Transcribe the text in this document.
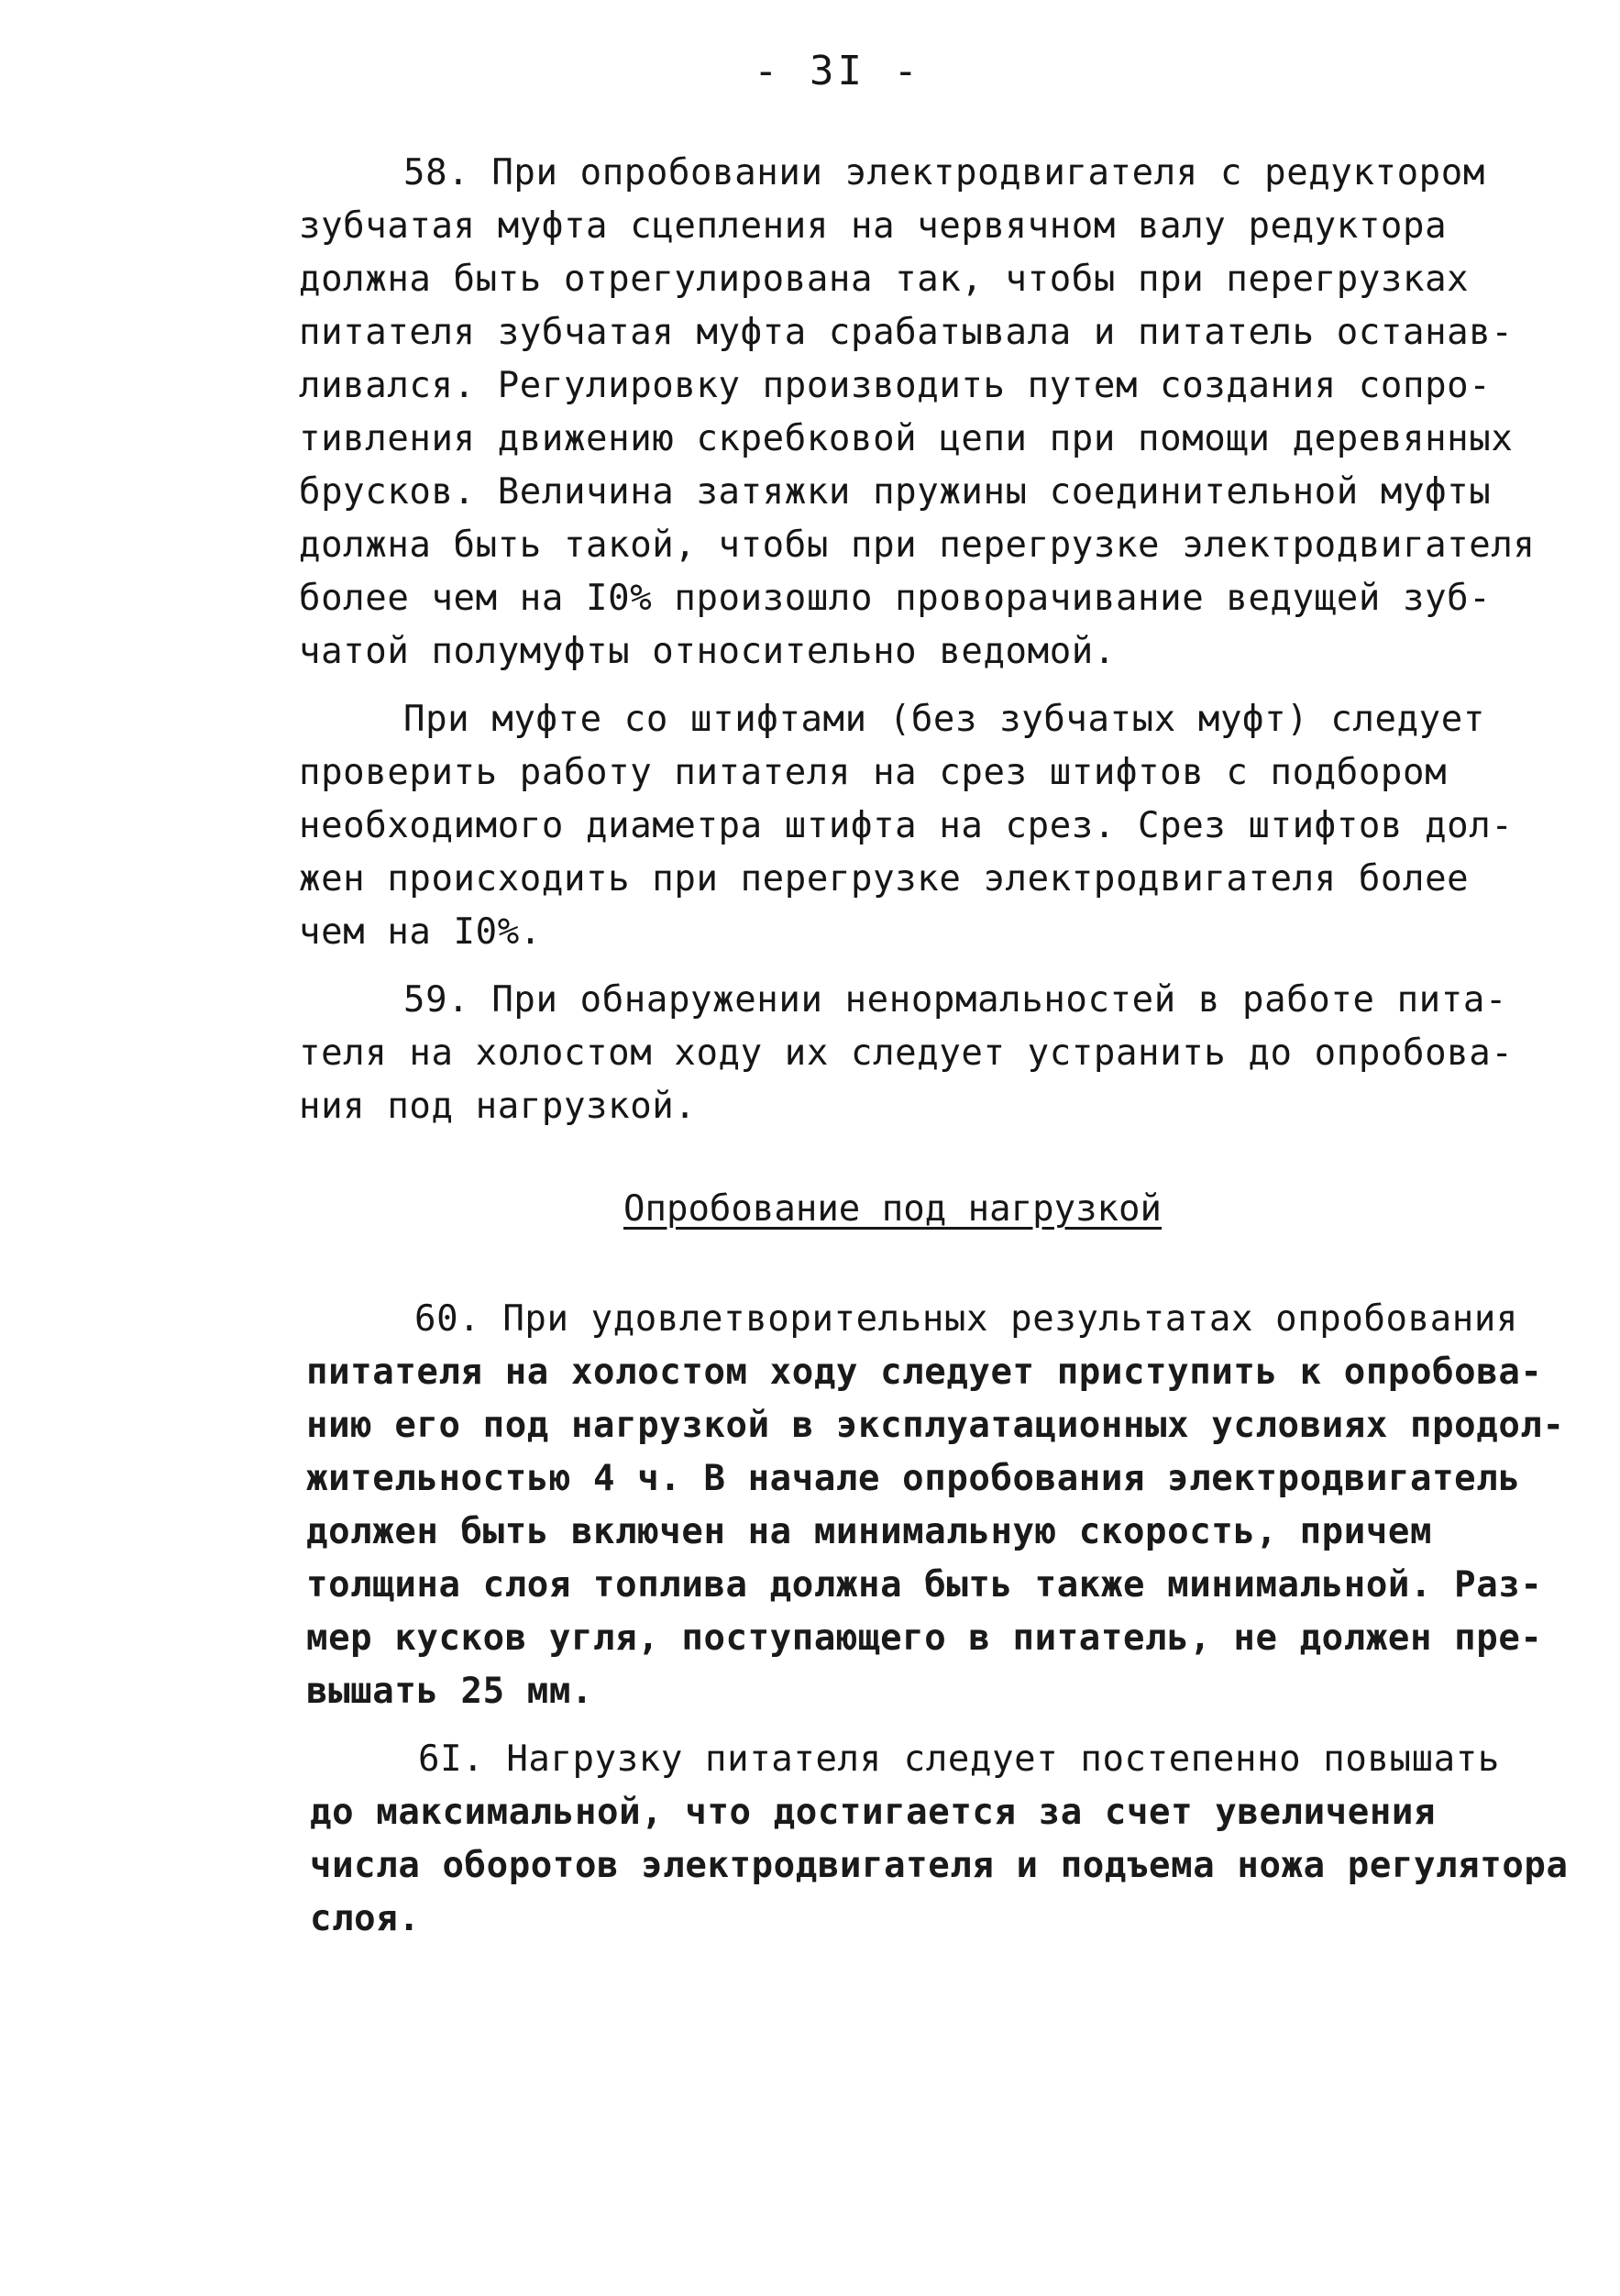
- 3I -
58. При опробовании электродвигателя с редуктором
зубчатая муфта сцепления на червячном валу редуктора
должна быть отрегулирована так, чтобы при перегрузках
питателя зубчатая муфта срабатывала и питатель останав-
ливался. Регулировку производить путем создания сопро-
тивления движению скребковой цепи при помощи деревянных
брусков. Величина затяжки пружины соединительной муфты
должна быть такой, чтобы при перегрузке электродвигателя
более чем на I0% произошло проворачивание ведущей зуб-
чатой полумуфты относительно ведомой.
При муфте со штифтами (без зубчатых муфт) следует
проверить работу питателя на срез штифтов с подбором
необходимого диаметра штифта на срез. Срез штифтов дол-
жен происходить при перегрузке электродвигателя более
чем на I0%.
59. При обнаружении ненормальностей в работе пита-
теля на холостом ходу их следует устранить до опробова-
ния под нагрузкой.
Опробование под нагрузкой
60. При удовлетворительных результатах опробования
питателя на холостом ходу следует приступить к опробова-
нию его под нагрузкой в эксплуатационных условиях продол-
жительностью 4 ч. В начале опробования электродвигатель
должен быть включен на минимальную скорость, причем
толщина слоя топлива должна быть также минимальной. Раз-
мер кусков угля, поступающего в питатель, не должен пре-
вышать 25 мм.
6I. Нагрузку питателя следует постепенно повышать
до максимальной, что достигается за счет увеличения
числа оборотов электродвигателя и подъема ножа регулятора
слоя.
